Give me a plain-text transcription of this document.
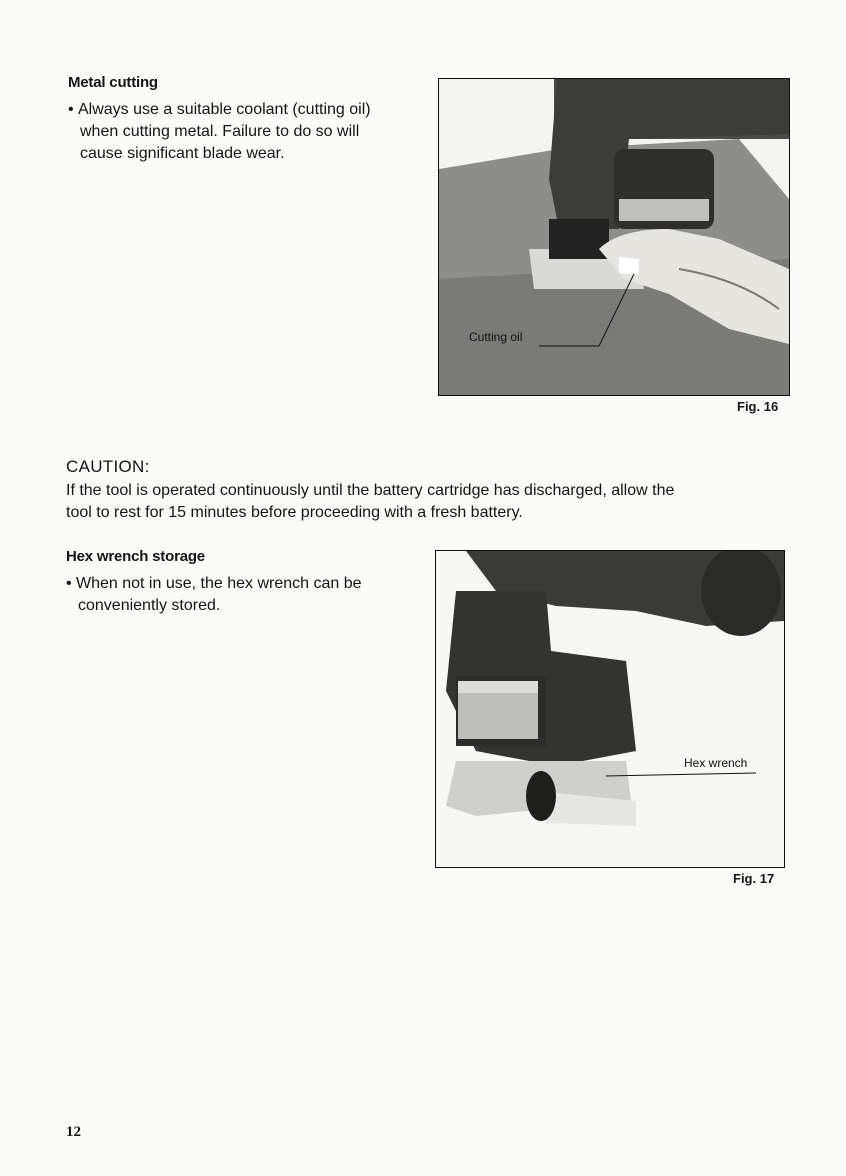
Metal cutting
• Always use a suitable coolant (cutting oil)
when cutting metal. Failure to do so will
cause significant blade wear.
Cutting oil
Fig. 16
CAUTION:
If the tool is operated continuously until the battery cartridge has discharged, allow the
tool to rest for 15 minutes before proceeding with a fresh battery.
Hex wrench storage
• When not in use, the hex wrench can be
conveniently stored.
Hex wrench
Fig. 17
12
